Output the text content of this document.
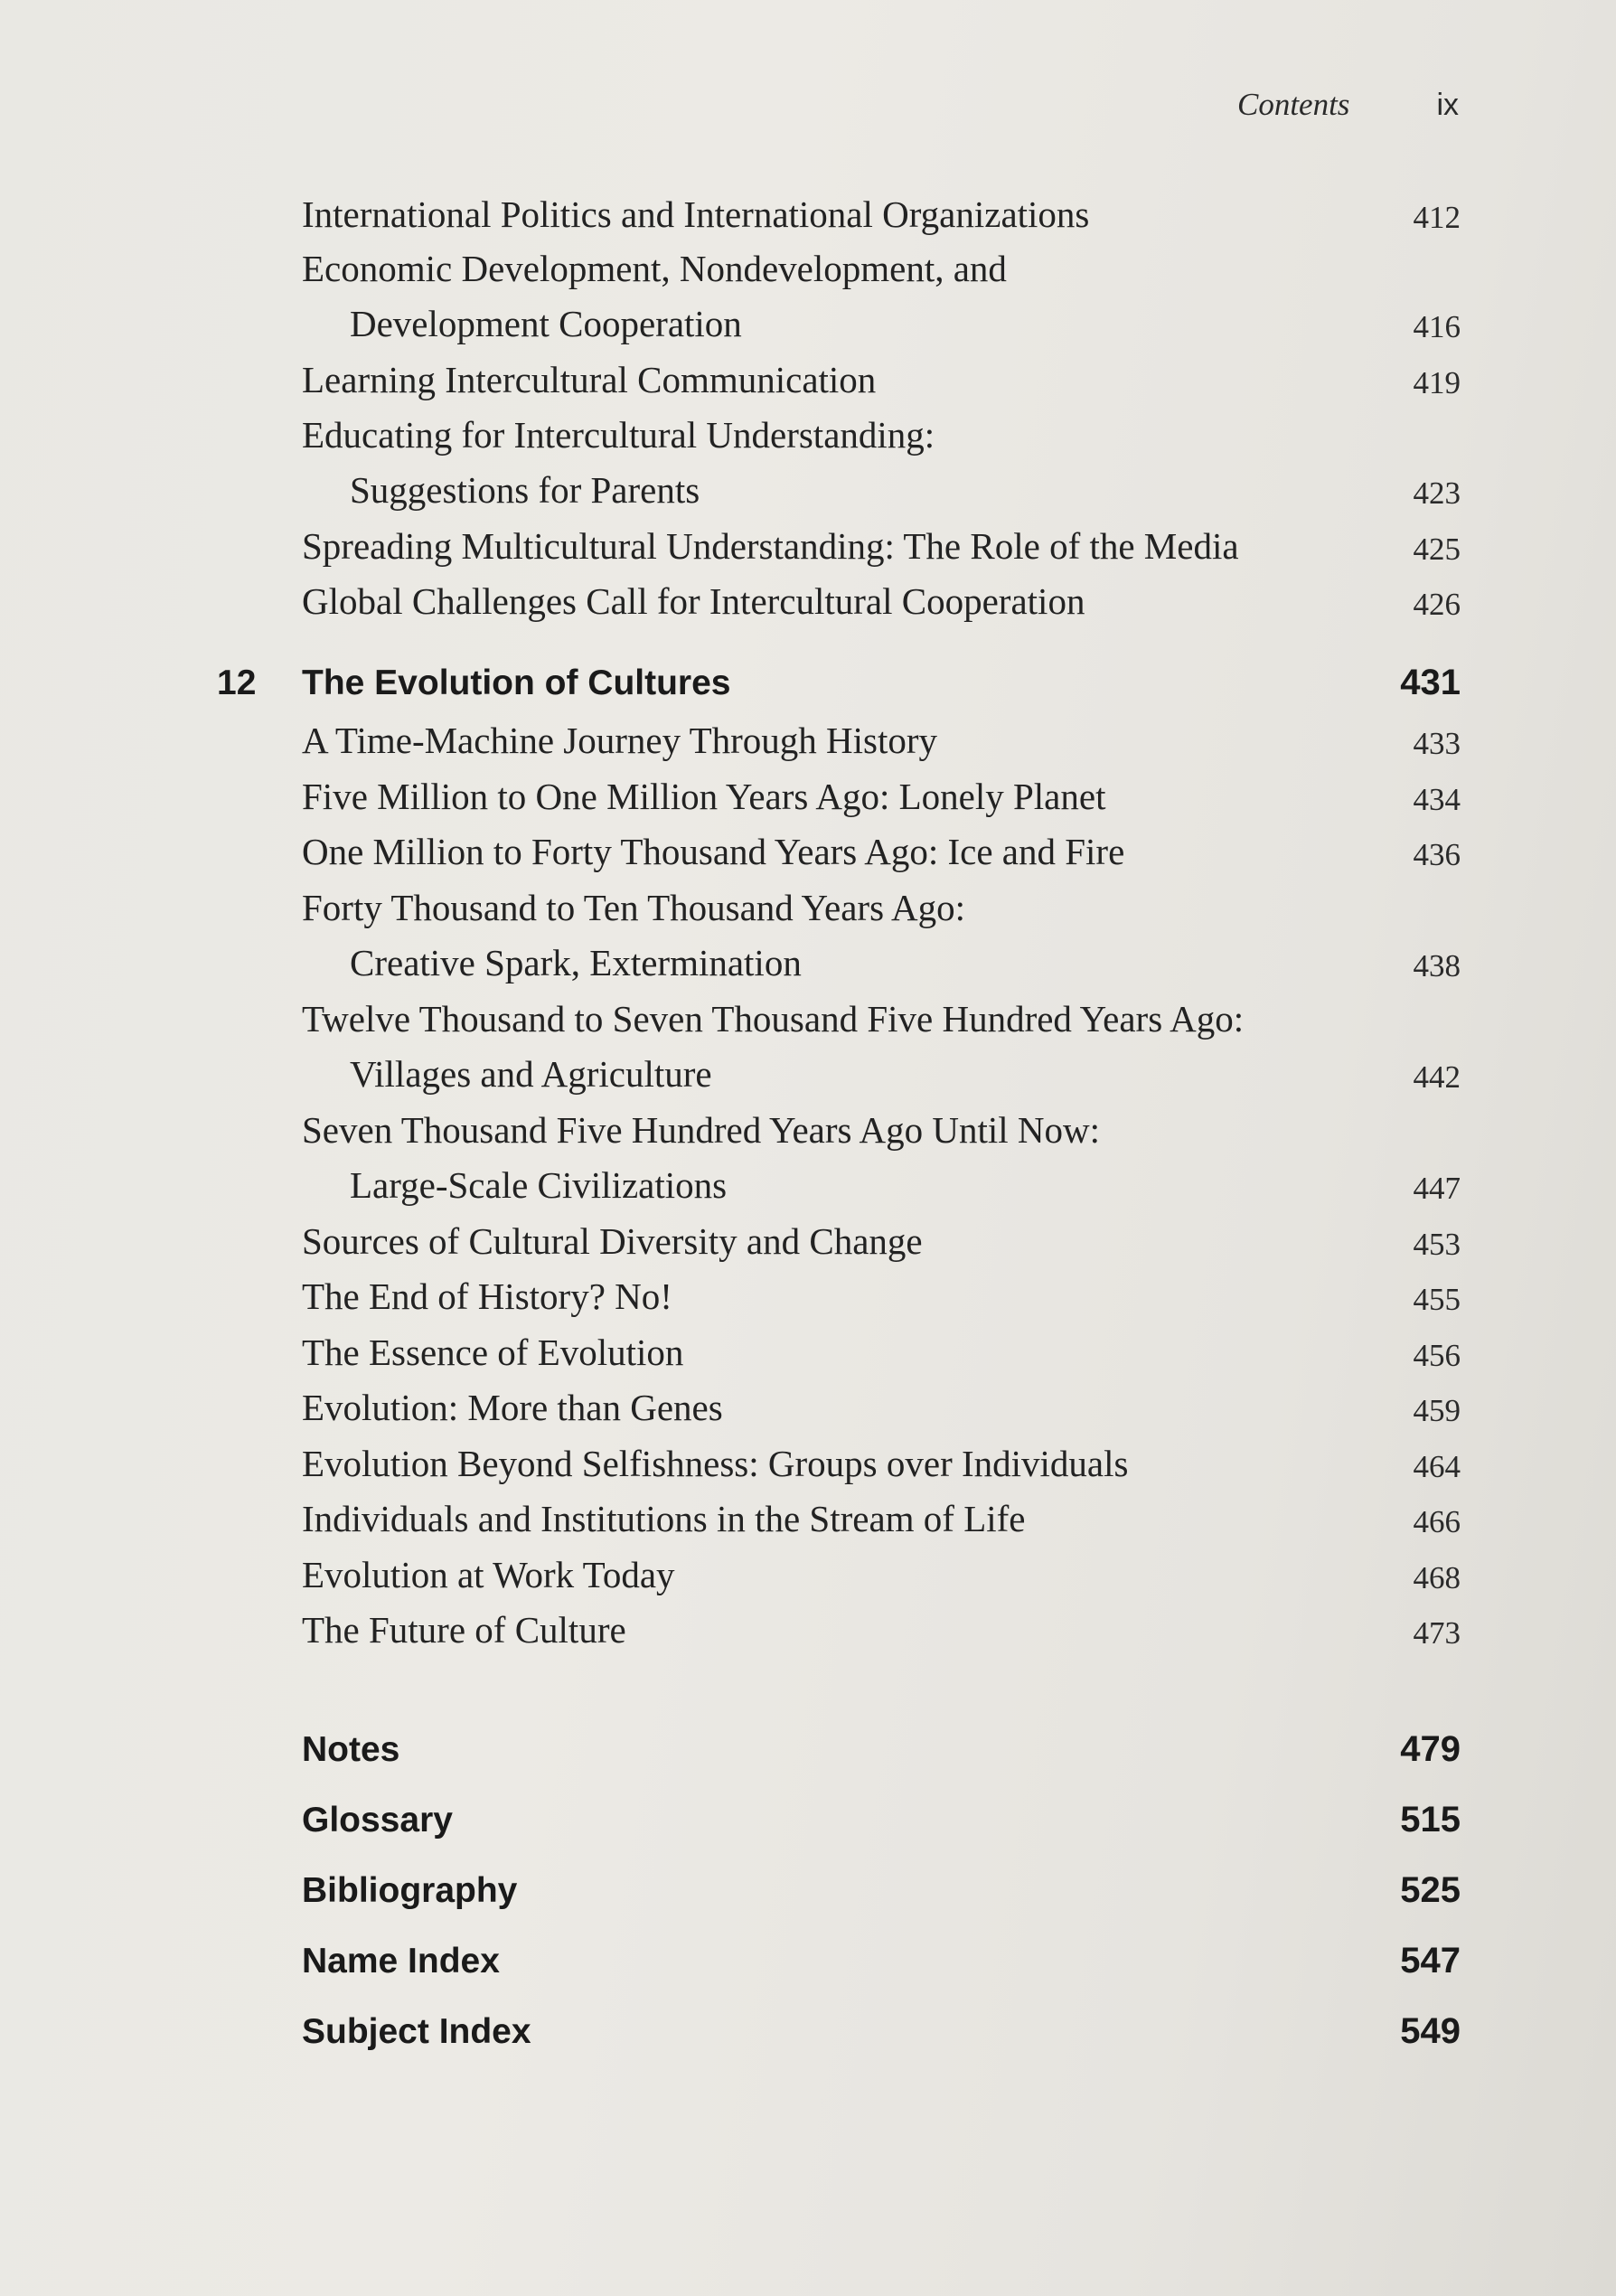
Contents	ix
International Politics and International Organizations	412
Economic Development, Nondevelopment, and
Development Cooperation	416
Learning Intercultural Communication	419
Educating for Intercultural Understanding:
Suggestions for Parents	423
Spreading Multicultural Understanding: The Role of the Media	425
Global Challenges Call for Intercultural Cooperation	426
12 The Evolution of Cultures	431
A Time-Machine Journey Through History	433
Five Million to One Million Years Ago: Lonely Planet	434
One Million to Forty Thousand Years Ago: Ice and Fire	436
Forty Thousand to Ten Thousand Years Ago:
Creative Spark, Extermination	438
Twelve Thousand to Seven Thousand Five Hundred Years Ago:
Villages and Agriculture	442
Seven Thousand Five Hundred Years Ago Until Now:
Large-Scale Civilizations	447
Sources of Cultural Diversity and Change	453
The End of History? No!	455
The Essence of Evolution	456
Evolution: More than Genes	459
Evolution Beyond Selfishness: Groups over Individuals	464
Individuals and Institutions in the Stream of Life	466
Evolution at Work Today	468
The Future of Culture	473
Notes	479
Glossary	515
Bibliography	525
Name Index	547
Subject Index	549
